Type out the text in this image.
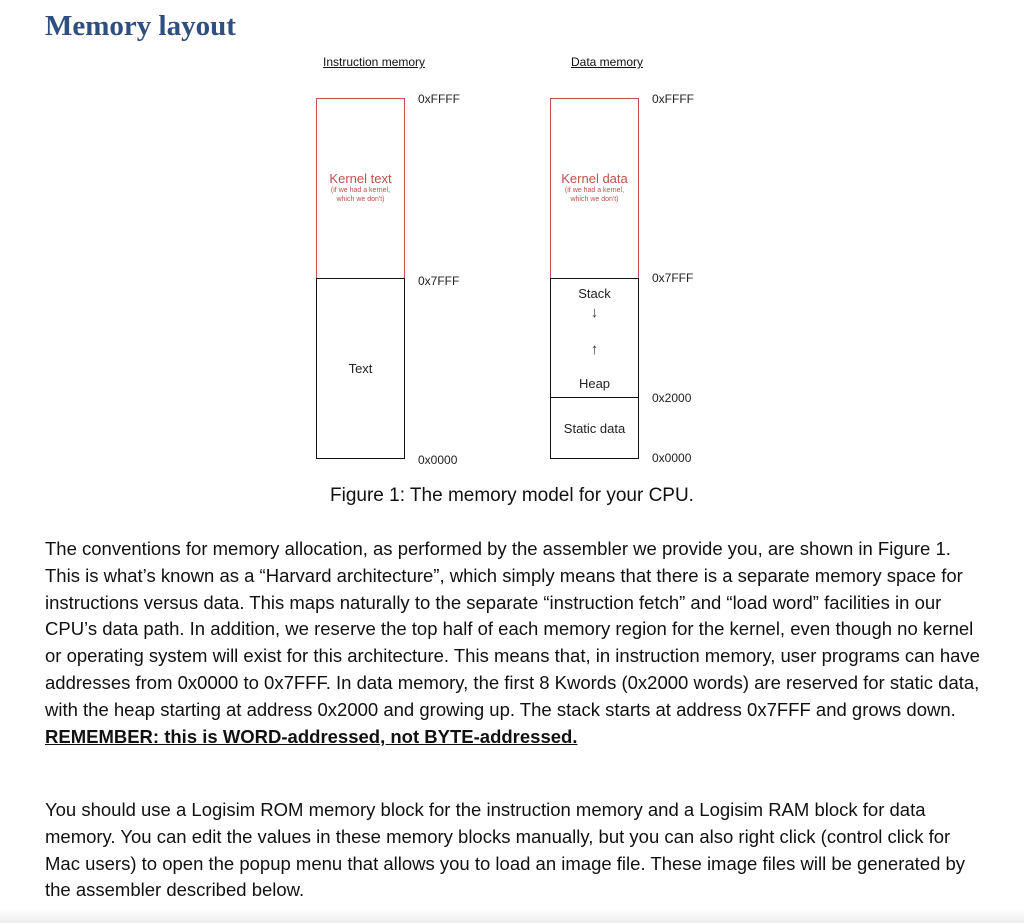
Memory layout
Instruction memory
Kernel text
(if we had a kernel,
which we don't)
Text
0xFFFF
0x7FFF
0x0000
Data memory
Kernel data
(if we had a kernel,
which we don't)
Stack
↓
↑
Heap
Static data
0xFFFF
0x7FFF
0x2000
0x0000
Figure 1: The memory model for your CPU.
The conventions for memory allocation, as performed by the assembler we provide you, are shown in Figure 1. This is what’s known as a “Harvard architecture”, which simply means that there is a separate memory space for instructions versus data. This maps naturally to the separate “instruction fetch” and “load word” facilities in our CPU’s data path. In addition, we reserve the top half of each memory region for the kernel, even though no kernel or operating system will exist for this architecture. This means that, in instruction memory, user programs can have addresses from 0x0000 to 0x7FFF. In data memory, the first 8 Kwords (0x2000 words) are reserved for static data, with the heap starting at address 0x2000 and growing up. The stack starts at address 0x7FFF and grows down. REMEMBER: this is WORD-addressed, not BYTE-addressed.
You should use a Logisim ROM memory block for the instruction memory and a Logisim RAM block for data memory. You can edit the values in these memory blocks manually, but you can also right click (control click for Mac users) to open the popup menu that allows you to load an image file. These image files will be generated by the assembler described below.
